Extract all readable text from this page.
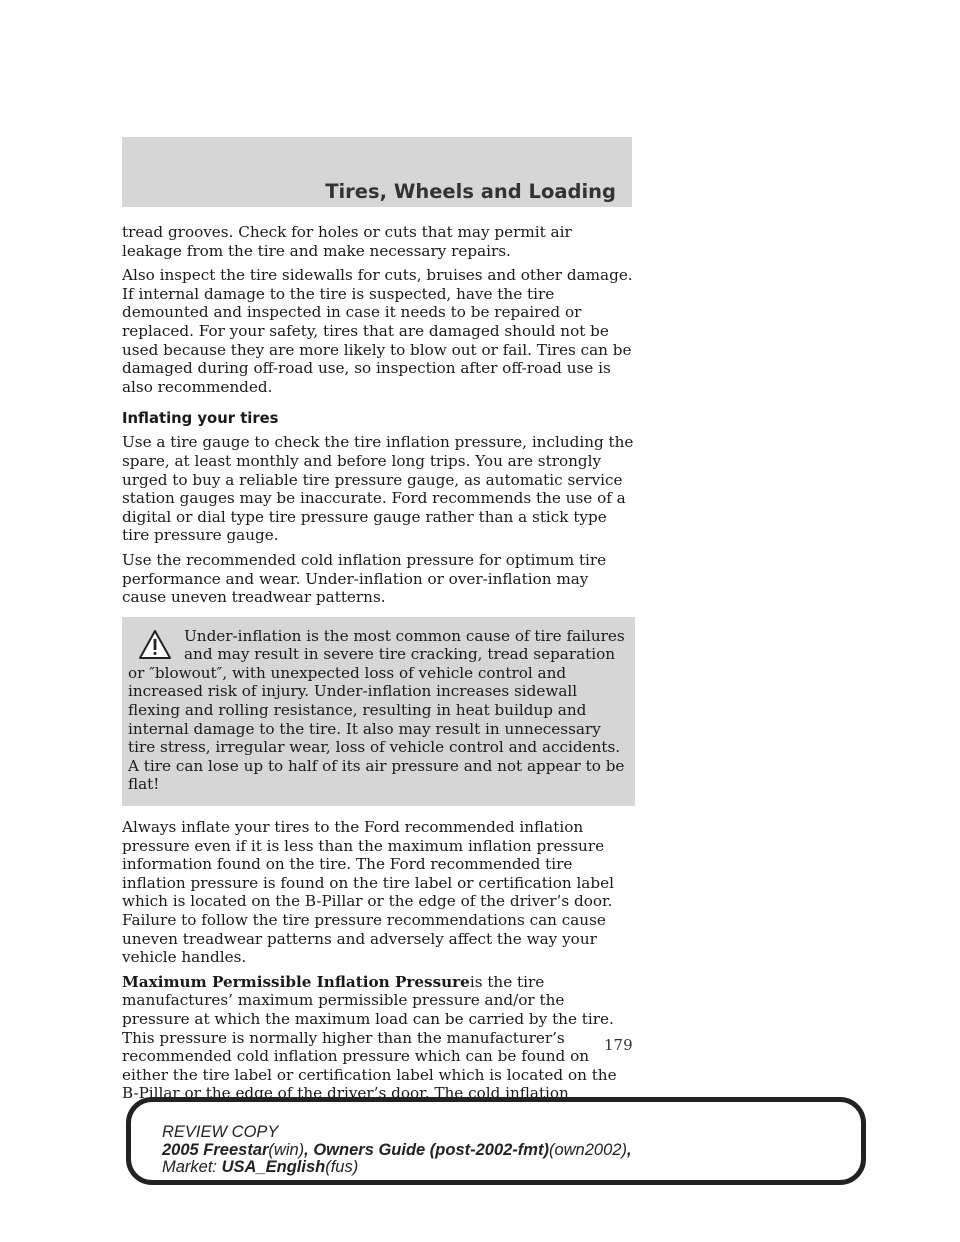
Tires, Wheels and Loading

tread grooves. Check for holes or cuts that may permit air leakage from the tire and make necessary repairs.

Also inspect the tire sidewalls for cuts, bruises and other damage. If internal damage to the tire is suspected, have the tire demounted and inspected in case it needs to be repaired or replaced. For your safety, tires that are damaged should not be used because they are more likely to blow out or fail. Tires can be damaged during off-road use, so inspection after off-road use is also recommended.

Inflating your tires

Use a tire gauge to check the tire inflation pressure, including the spare, at least monthly and before long trips. You are strongly urged to buy a reliable tire pressure gauge, as automatic service station gauges may be inaccurate. Ford recommends the use of a digital or dial type tire pressure gauge rather than a stick type tire pressure gauge.

Use the recommended cold inflation pressure for optimum tire performance and wear. Under-inflation or over-inflation may cause uneven treadwear patterns.

Under-inflation is the most common cause of tire failures and may result in severe tire cracking, tread separation or ″blowout″, with unexpected loss of vehicle control and increased risk of injury. Under-inflation increases sidewall flexing and rolling resistance, resulting in heat buildup and internal damage to the tire. It also may result in unnecessary tire stress, irregular wear, loss of vehicle control and accidents. A tire can lose up to half of its air pressure and not appear to be flat!

Always inflate your tires to the Ford recommended inflation pressure even if it is less than the maximum inflation pressure information found on the tire. The Ford recommended tire inflation pressure is found on the tire label or certification label which is located on the B-Pillar or the edge of the driver’s door. Failure to follow the tire pressure recommendations can cause uneven treadwear patterns and adversely affect the way your vehicle handles.

Maximum Permissible Inflation Pressureis the tire manufactures’ maximum permissible pressure and/or the pressure at which the maximum load can be carried by the tire. This pressure is normally higher than the manufacturer’s recommended cold inflation pressure which can be found on either the tire label or certification label which is located on the B-Pillar or the edge of the driver’s door. The cold inflation

179
REVIEW COPY
2005 Freestar(win), Owners Guide (post-2002-fmt)(own2002),
Market: USA_English(fus)
